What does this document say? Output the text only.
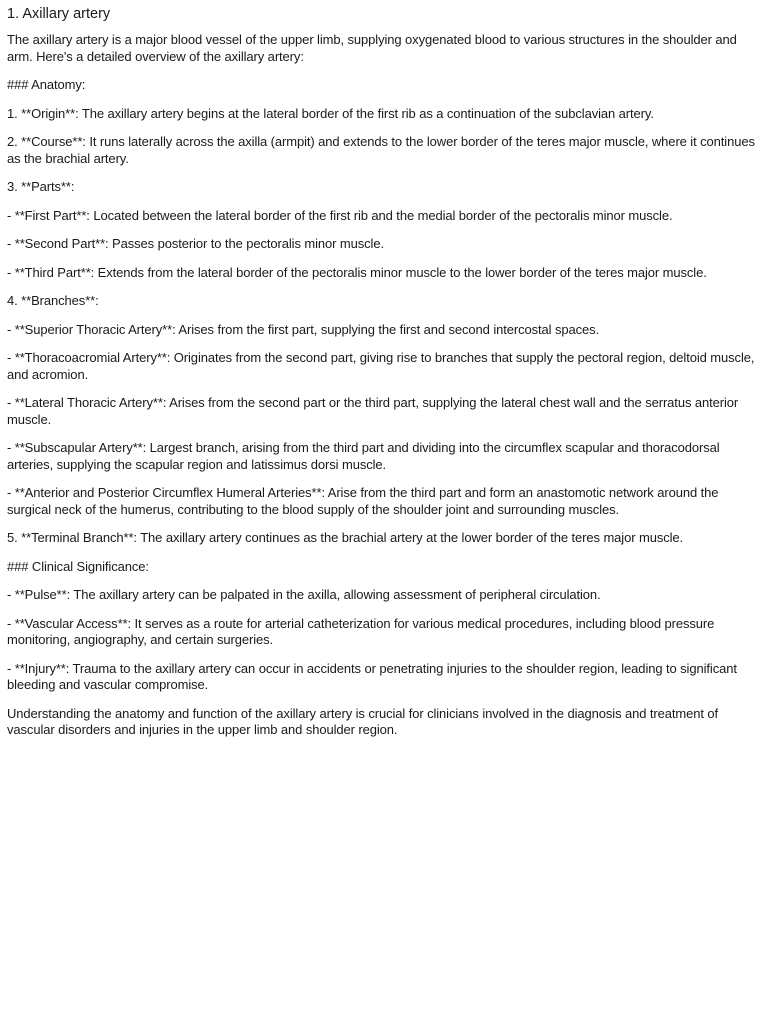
1. Axillary artery

The axillary artery is a major blood vessel of the upper limb, supplying oxygenated blood to various structures in the shoulder and arm. Here's a detailed overview of the axillary artery:

### Anatomy:

1. **Origin**: The axillary artery begins at the lateral border of the first rib as a continuation of the subclavian artery.

2. **Course**: It runs laterally across the axilla (armpit) and extends to the lower border of the teres major muscle, where it continues as the brachial artery.

3. **Parts**:

- **First Part**: Located between the lateral border of the first rib and the medial border of the pectoralis minor muscle.

- **Second Part**: Passes posterior to the pectoralis minor muscle.

- **Third Part**: Extends from the lateral border of the pectoralis minor muscle to the lower border of the teres major muscle.

4. **Branches**:

- **Superior Thoracic Artery**: Arises from the first part, supplying the first and second intercostal spaces.

- **Thoracoacromial Artery**: Originates from the second part, giving rise to branches that supply the pectoral region, deltoid muscle, and acromion.

- **Lateral Thoracic Artery**: Arises from the second part or the third part, supplying the lateral chest wall and the serratus anterior muscle.

- **Subscapular Artery**: Largest branch, arising from the third part and dividing into the circumflex scapular and thoracodorsal arteries, supplying the scapular region and latissimus dorsi muscle.

- **Anterior and Posterior Circumflex Humeral Arteries**: Arise from the third part and form an anastomotic network around the surgical neck of the humerus, contributing to the blood supply of the shoulder joint and surrounding muscles.

5. **Terminal Branch**: The axillary artery continues as the brachial artery at the lower border of the teres major muscle.

### Clinical Significance:

- **Pulse**: The axillary artery can be palpated in the axilla, allowing assessment of peripheral circulation.

- **Vascular Access**: It serves as a route for arterial catheterization for various medical procedures, including blood pressure monitoring, angiography, and certain surgeries.

- **Injury**: Trauma to the axillary artery can occur in accidents or penetrating injuries to the shoulder region, leading to significant bleeding and vascular compromise.

Understanding the anatomy and function of the axillary artery is crucial for clinicians involved in the diagnosis and treatment of vascular disorders and injuries in the upper limb and shoulder region.
